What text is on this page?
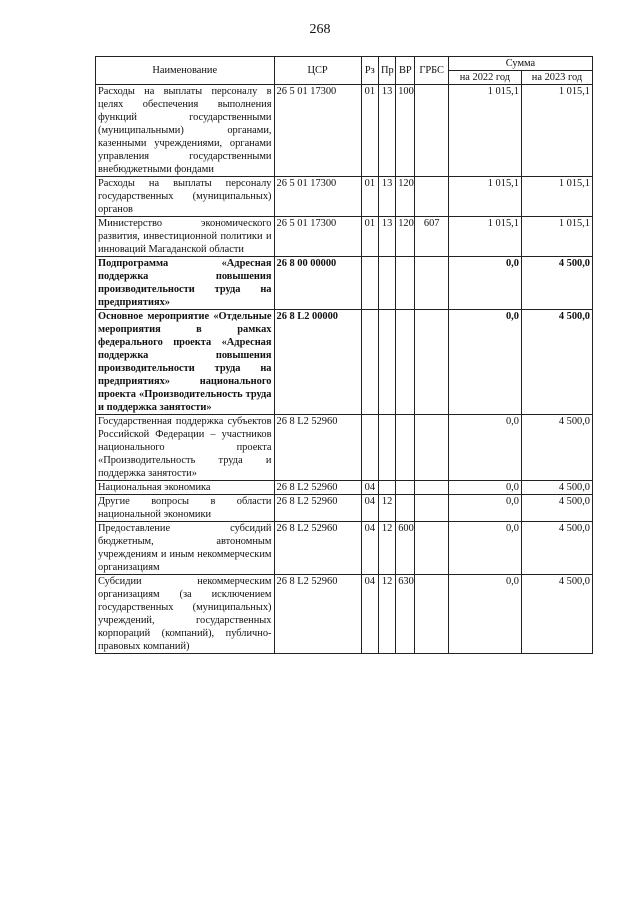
268
Наименование	ЦСР	Рз	Пр	ВР	ГРБС	Сумма	
						на 2022 год	на 2023 год
Расходы на выплаты персоналу в целях обеспечения выполнения функций государственными (муниципальными) органами, казенными учреждениями, органами управления государственными внебюджетными фондами	26 5 01 17300	01	13	100		1 015,1	1 015,1
Расходы на выплаты персоналу государственных (муниципальных) органов	26 5 01 17300	01	13	120		1 015,1	1 015,1
Министерство экономического развития, инвестиционной политики и инноваций Магаданской области	26 5 01 17300	01	13	120	607	1 015,1	1 015,1
Подпрограмма «Адресная поддержка повышения производительности труда на предприятиях»	26 8 00 00000					0,0	4 500,0
Основное мероприятие «Отдельные мероприятия в рамках федерального проекта «Адресная поддержка повышения производительности труда на предприятиях» национального проекта «Производительность труда и поддержка занятости»	26 8 L2 00000					0,0	4 500,0
Государственная поддержка субъектов Российской Федерации – участников национального проекта «Производительность труда и поддержка занятости»	26 8 L2 52960					0,0	4 500,0
Национальная экономика	26 8 L2 52960	04				0,0	4 500,0
Другие вопросы в области национальной экономики	26 8 L2 52960	04	12			0,0	4 500,0
Предоставление субсидий бюджетным, автономным учреждениям и иным некоммерческим организациям	26 8 L2 52960	04	12	600		0,0	4 500,0
Субсидии некоммерческим организациям (за исключением государственных (муниципальных) учреждений, государственных корпораций (компаний), публично-правовых компаний)	26 8 L2 52960	04	12	630		0,0	4 500,0
